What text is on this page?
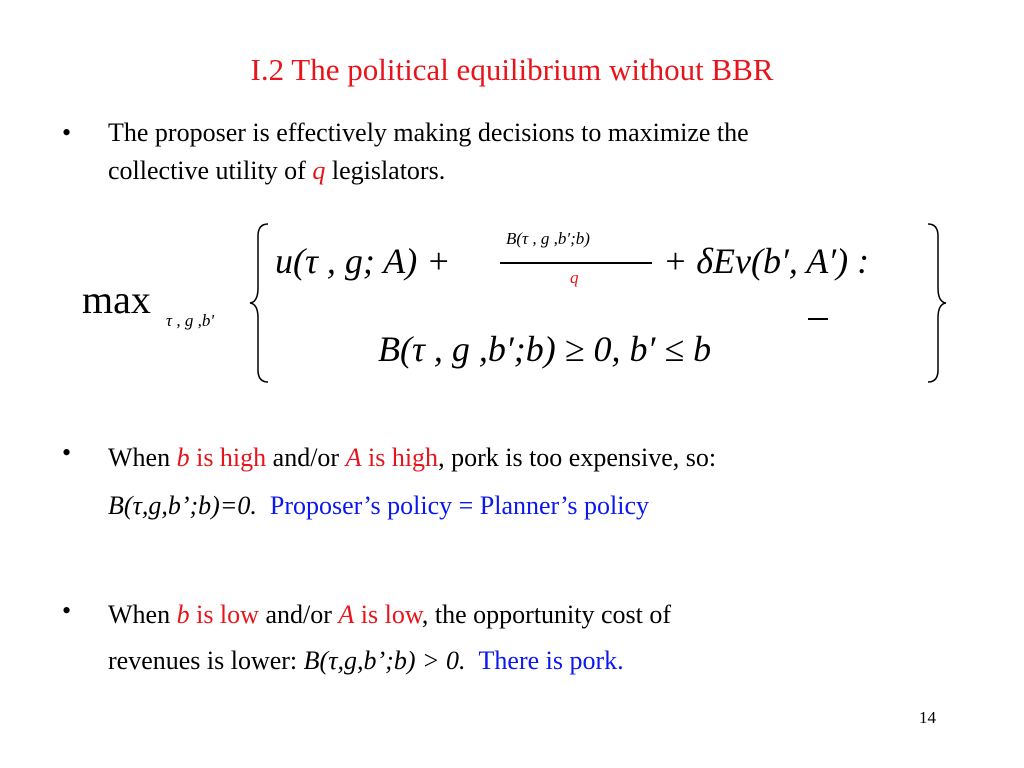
I.2 The political equilibrium without BBR
• The proposer is effectively making decisions to maximize the
collective utility of q legislators.
max τ , g ,b'
u(τ , g; A) +
B(τ , g ,b′;b)
q + δEv(b′, A′) :
B(τ , g ,b′;b) ≥ 0, b′ ≤ b
• When b is high and/or A is high, pork is too expensive, so:
B(τ,g,b’;b)=0. Proposer’s policy = Planner’s policy
• When b is low and/or A is low, the opportunity cost of
revenues is lower: B(τ,g,b’;b) > 0. There is pork.
14
